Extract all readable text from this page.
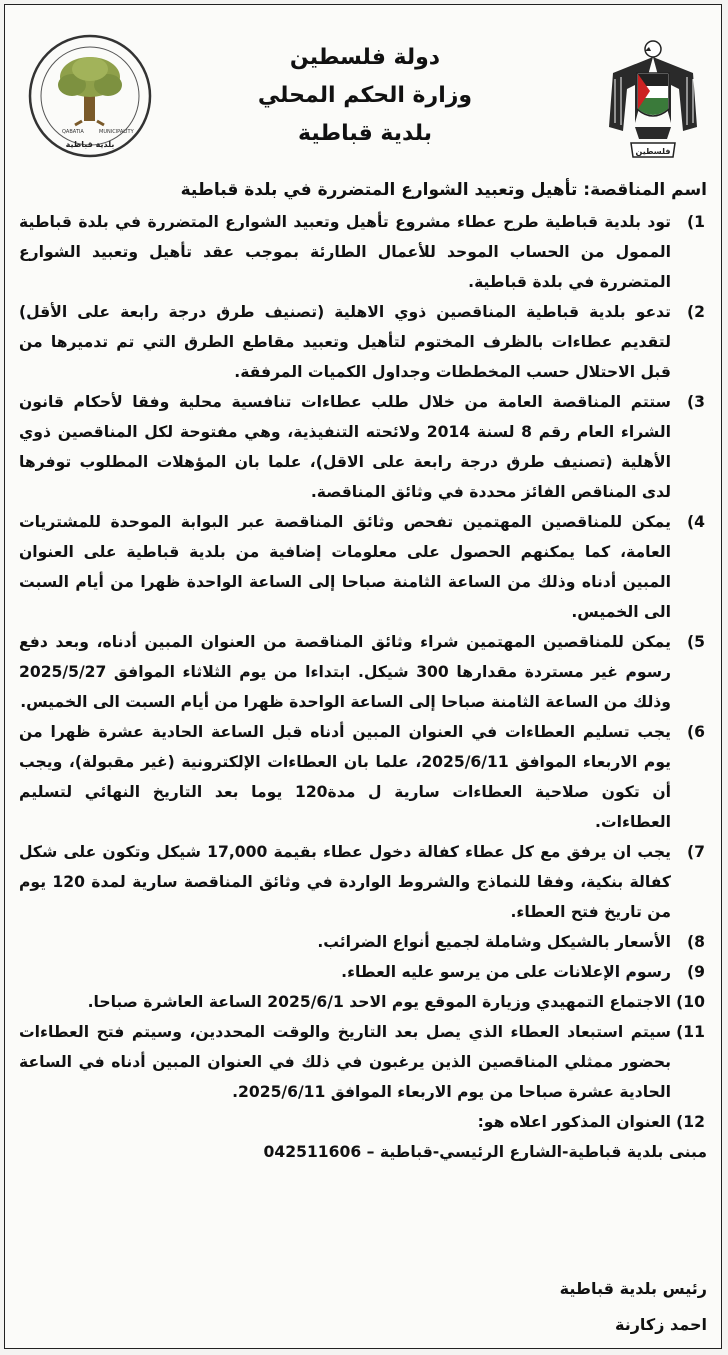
QABATIA	MUNICIPALITY
بلدية قباطية
دولة فلسطين
وزارة الحكم المحلي
بلدية قباطية
فلسطين
اسم المناقصة: تأهيل وتعبيد الشوارع المتضررة في بلدة قباطية
1)
تود بلدية قباطية طرح عطاء مشروع تأهيل وتعبيد الشوارع المتضررة في بلدة قباطية الممول من الحساب الموحد للأعمال الطارئة بموجب عقد تأهيل وتعبيد الشوارع المتضررة في بلدة قباطية.
2)
تدعو بلدية قباطية المناقصين ذوي الاهلية (تصنيف طرق درجة رابعة على الأقل) لتقديم عطاءات بالظرف المختوم لتأهيل وتعبيد مقاطع الطرق التي تم تدميرها من قبل الاحتلال حسب المخططات وجداول الكميات المرفقة.
3)
ستتم المناقصة العامة من خلال طلب عطاءات تنافسية محلية وفقا لأحكام قانون الشراء العام رقم 8 لسنة 2014 ولائحته التنفيذية، وهي مفتوحة لكل المناقصين ذوي الأهلية (تصنيف طرق درجة رابعة على الاقل)، علما بان المؤهلات المطلوب توفرها لدى المناقص الفائز محددة في وثائق المناقصة.
4)
يمكن للمناقصين المهتمين تفحص وثائق المناقصة عبر البوابة الموحدة للمشتريات العامة، كما يمكنهم الحصول على معلومات إضافية من بلدية قباطية على العنوان المبين أدناه وذلك من الساعة الثامنة صباحا إلى الساعة الواحدة ظهرا من أيام السبت الى الخميس.
5)
يمكن للمناقصين المهتمين شراء وثائق المناقصة من العنوان المبين أدناه، وبعد دفع رسوم غير مستردة مقدارها 300 شيكل. ابتداءا من يوم الثلاثاء الموافق 2025/5/27 وذلك من الساعة الثامنة صباحا إلى الساعة الواحدة ظهرا من أيام السبت الى الخميس.
6)
يجب تسليم العطاءات في العنوان المبين أدناه قبل الساعة الحادية عشرة ظهرا من يوم الاربعاء الموافق 2025/6/11، علما بان العطاءات الإلكترونية (غير مقبولة)، ويجب أن تكون صلاحية العطاءات سارية ل مدة120 يوما بعد التاريخ النهائي لتسليم العطاءات.
7)
يجب ان يرفق مع كل عطاء كفالة دخول عطاء بقيمة 17,000 شيكل وتكون على شكل كفالة بنكية، وفقا للنماذج والشروط الواردة في وثائق المناقصة سارية لمدة 120 يوم من تاريخ فتح العطاء.
8)
الأسعار بالشيكل وشاملة لجميع أنواع الضرائب.
9)
رسوم الإعلانات على من يرسو عليه العطاء.
10)
الاجتماع التمهيدي وزيارة الموقع يوم الاحد 2025/6/1 الساعة العاشرة صباحا.
11)
سيتم استبعاد العطاء الذي يصل بعد التاريخ والوقت المحددين، وسيتم فتح العطاءات بحضور ممثلي المناقصين الذين يرغبون في ذلك في العنوان المبين أدناه في الساعة الحادية عشرة صباحا من يوم الاربعاء الموافق 2025/6/11.
12)
العنوان المذكور اعلاه هو:
مبنى بلدية قباطية-الشارع الرئيسي-قباطية – 042511606
رئيس بلدية قباطية
احمد زكارنة
